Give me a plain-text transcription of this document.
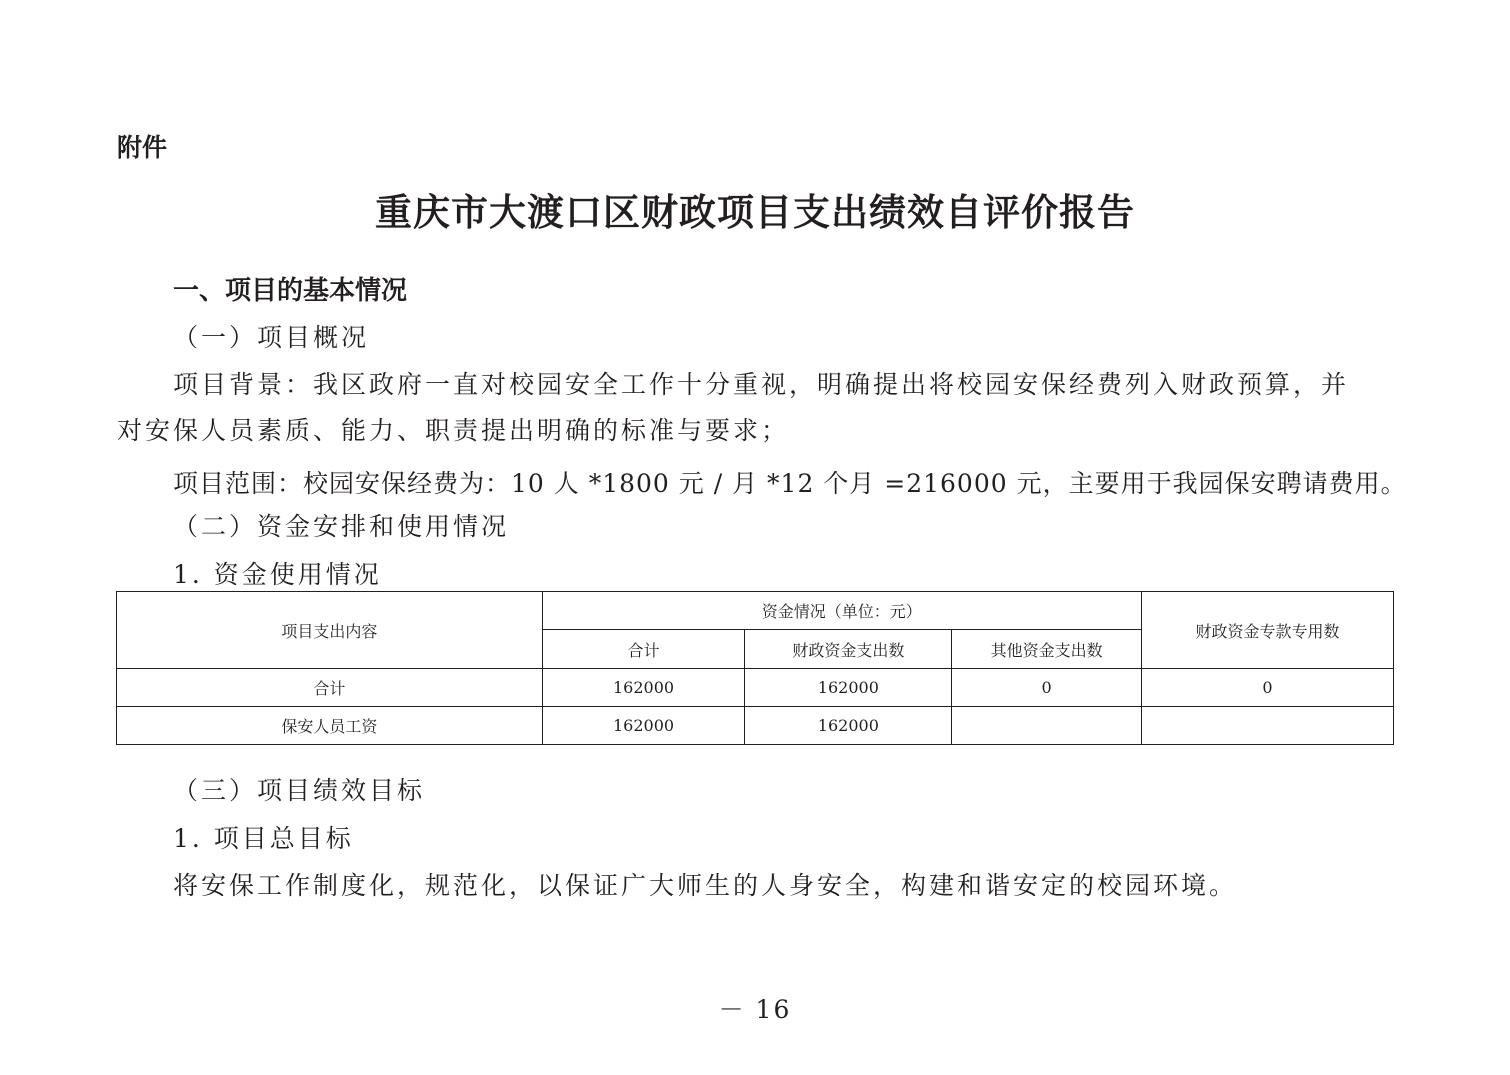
附件
重庆市大渡口区财政项目支出绩效自评价报告
一、项目的基本情况
（一）项目概况
项目背景：我区政府一直对校园安全工作十分重视，明确提出将校园安保经费列入财政预算，并
对安保人员素质、能力、职责提出明确的标准与要求；
项目范围：校园安保经费为：10 人 *1800 元 / 月 *12 个月 =216000 元，主要用于我园保安聘请费用。
（二）资金安排和使用情况
1. 资金使用情况
项目支出内容	资金情况（单位：元）			财政资金专款专用数
	合计	财政资金支出数	其他资金支出数	
合计	162000	162000	0	0
保安人员工资	162000	162000		
（三）项目绩效目标
1. 项目总目标
将安保工作制度化，规范化，以保证广大师生的人身安全，构建和谐安定的校园环境。
－ 16
